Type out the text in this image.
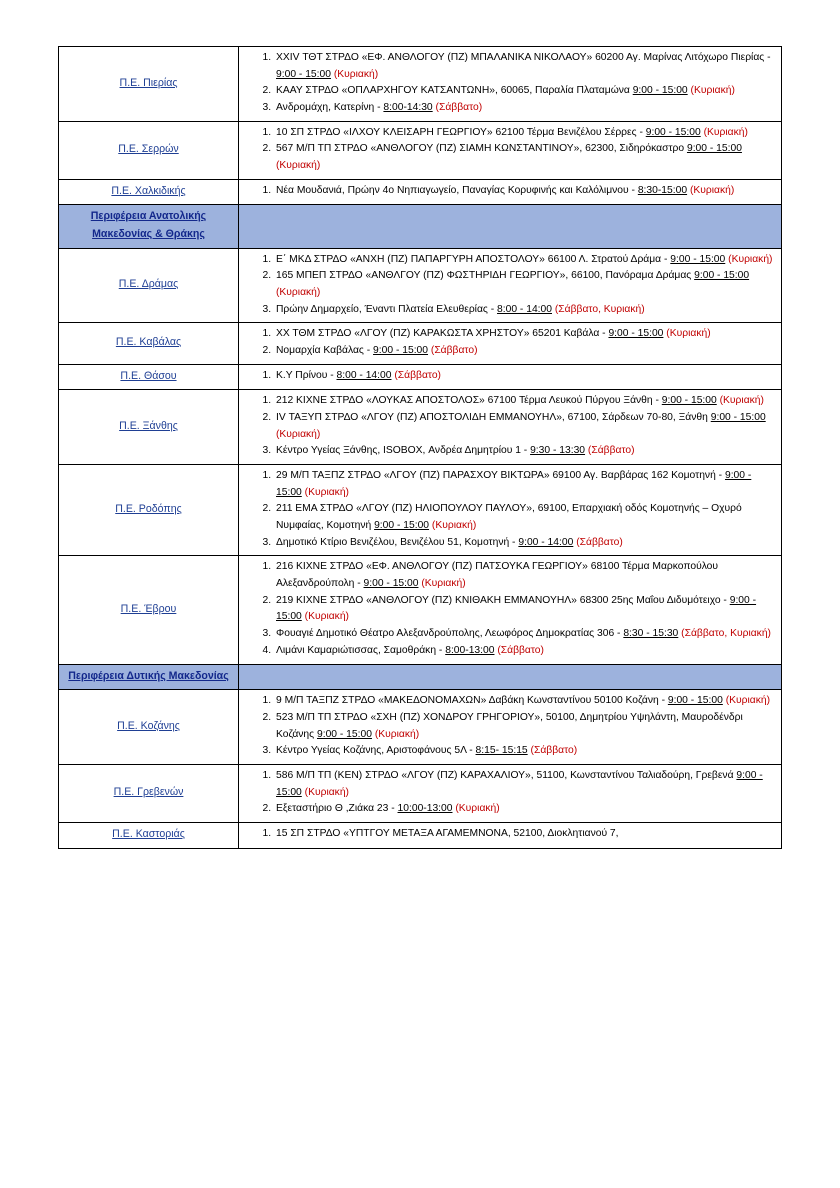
Π.Ε. Πιερίας	
1. XXIV ΤΘΤ ΣΤΡΔΟ «ΕΦ. ΑΝΘΛΟΓΟΥ (ΠΖ) ΜΠΑΛΑΝΙΚΑ ΝΙΚΟΛΑΟΥ» 60200 Αγ. Μαρίνας Λιτόχωρο Πιερίας - 9:00 - 15:00 (Κυριακή)
2. ΚΑΑΥ ΣΤΡΔΟ «ΟΠΛΑΡΧΗΓΟΥ ΚΑΤΣΑΝΤΩΝΗ», 60065, Παραλία Πλαταμώνα 9:00 - 15:00 (Κυριακή)
3. Ανδρομάχη, Κατερίνη - 8:00-14:30 (Σάββατο)

Π.Ε. Σερρών	
1. 10 ΣΠ ΣΤΡΔΟ «ΙΛΧΟΥ ΚΛΕΙΣΑΡΗ ΓΕΩΡΓΙΟΥ» 62100 Τέρμα Βενιζέλου Σέρρες - 9:00 - 15:00 (Κυριακή)
2. 567 Μ/Π ΤΠ ΣΤΡΔΟ «ΑΝΘΛΟΓΟΥ (ΠΖ) ΣΙΑΜΗ ΚΩΝΣΤΑΝΤΙΝΟΥ», 62300, Σιδηρόκαστρο 9:00 - 15:00 (Κυριακή)

Π.Ε. Χαλκιδικής	
1.Νέα Μουδανιά, Πρώην 4ο Νηπιαγωγείο, Παναγίας Κορυφινής και Καλόλιμνου - 8:30-15:00 (Κυριακή)

Περιφέρεια Ανατολικής Μακεδονίας & Θράκης	
Π.Ε. Δράμας	
1. Ε΄ ΜΚΔ ΣΤΡΔΟ «ΑΝΧΗ (ΠΖ) ΠΑΠΑΡΓΥΡΗ ΑΠΟΣΤΟΛΟΥ» 66100 Λ. Στρατού Δράμα - 9:00 - 15:00 (Κυριακή)
2. 165 ΜΠΕΠ ΣΤΡΔΟ «ΑΝΘΛΓΟΥ (ΠΖ) ΦΩΣΤΗΡΙΔΗ ΓΕΩΡΓΙΟΥ», 66100, Πανόραμα Δράμας 9:00 - 15:00 (Κυριακή)
3. Πρώην Δημαρχείο, Έναντι Πλατεία Ελευθερίας - 8:00 - 14:00 (Σάββατο, Κυριακή)

Π.Ε. Καβάλας	
1. ΧΧ ΤΘΜ ΣΤΡΔΟ «ΛΓΟΥ (ΠΖ) ΚΑΡΑΚΩΣΤΑ ΧΡΗΣΤΟΥ» 65201 Καβάλα - 9:00 - 15:00 (Κυριακή)
2. Νομαρχία Καβάλας - 9:00 - 15:00 (Σάββατο)

Π.Ε. Θάσου	
1.Κ.Υ Πρίνου - 8:00 - 14:00 (Σάββατο)

Π.Ε. Ξάνθης	
1. 212 ΚΙΧΝΕ ΣΤΡΔΟ «ΛΟΥΚΑΣ ΑΠΟΣΤΟΛΟΣ» 67100 Τέρμα Λευκού Πύργου Ξάνθη - 9:00 - 15:00 (Κυριακή)
2. IV ΤΑΞΥΠ ΣΤΡΔΟ «ΛΓΟΥ (ΠΖ) ΑΠΟΣΤΟΛΙΔΗ ΕΜΜΑΝΟΥΗΛ», 67100, Σάρδεων 70-80, Ξάνθη 9:00 - 15:00 (Κυριακή)
3. Κέντρο Υγείας Ξάνθης, ISOBOX, Ανδρέα Δημητρίου 1 - 9:30 - 13:30 (Σάββατο)

Π.Ε. Ροδόπης	
1. 29 Μ/Π ΤΑΞΠΖ ΣΤΡΔΟ «ΛΓΟΥ (ΠΖ) ΠΑΡΑΣΧΟΥ ΒΙΚΤΩΡΑ» 69100 Αγ. Βαρβάρας 162 Κομοτηνή - 9:00 - 15:00 (Κυριακή)
2. 211 ΕΜΑ ΣΤΡΔΟ «ΛΓΟΥ (ΠΖ) ΗΛΙΟΠΟΥΛΟΥ ΠΑΥΛΟΥ», 69100, Επαρχιακή οδός Κομοτηνής – Οχυρό Νυμφαίας, Κομοτηνή 9:00 - 15:00 (Κυριακή)
3. Δημοτικό Κτίριο Βενιζέλου, Βενιζέλου 51, Κομοτηνή - 9:00 - 14:00 (Σάββατο)

Π.Ε. Έβρου	
1. 216 ΚΙΧΝΕ ΣΤΡΔΟ «ΕΦ. ΑΝΘΛΟΓΟΥ (ΠΖ) ΠΑΤΣΟΥΚΑ ΓΕΩΡΓΙΟΥ» 68100 Τέρμα Μαρκοπούλου Αλεξανδρούπολη - 9:00 - 15:00 (Κυριακή)
2. 219 ΚΙΧΝΕ ΣΤΡΔΟ «ΑΝΘΛΟΓΟΥ (ΠΖ) ΚΝΙΘΑΚΗ ΕΜΜΑΝΟΥΗΛ» 68300 25ης Μαΐου Διδυμότειχο - 9:00 - 15:00 (Κυριακή)
3. Φουαγιέ Δημοτικό Θέατρο Αλεξανδρούπολης, Λεωφόρος Δημοκρατίας 306 - 8:30 - 15:30 (Σάββατο, Κυριακή)
4. Λιμάνι Καμαριώτισσας, Σαμοθράκη - 8:00-13:00 (Σάββατο)

Περιφέρεια Δυτικής Μακεδονίας	
Π.Ε. Κοζάνης	
1. 9 Μ/Π ΤΑΞΠΖ ΣΤΡΔΟ «ΜΑΚΕΔΟΝΟΜΑΧΩΝ» Δαβάκη Κωνσταντίνου 50100 Κοζάνη - 9:00 - 15:00 (Κυριακή)
2. 523 Μ/Π ΤΠ ΣΤΡΔΟ «ΣΧΗ (ΠΖ) ΧΟΝΔΡΟΥ ΓΡΗΓΟΡΙΟΥ», 50100, Δημητρίου Υψηλάντη, Μαυροδένδρι Κοζάνης 9:00 - 15:00 (Κυριακή)
3. Κέντρο Υγείας Κοζάνης, Αριστοφάνους 5Λ - 8:15- 15:15 (Σάββατο)

Π.Ε. Γρεβενών	
1. 586 Μ/Π ΤΠ (ΚΕΝ) ΣΤΡΔΟ «ΛΓΟΥ (ΠΖ) ΚΑΡΑΧΑΛΙΟΥ», 51100, Κωνσταντίνου Ταλιαδούρη, Γρεβενά 9:00 - 15:00 (Κυριακή)
2. Εξεταστήριο Θ ,Ζιάκα 23 - 10:00-13:00 (Κυριακή)

Π.Ε. Καστοριάς	
1.15 ΣΠ ΣΤΡΔΟ «ΥΠΤΓΟΥ ΜΕΤΑΞΑ ΑΓΑΜΕΜΝΟΝΑ, 52100, Διοκλητιανού 7,
